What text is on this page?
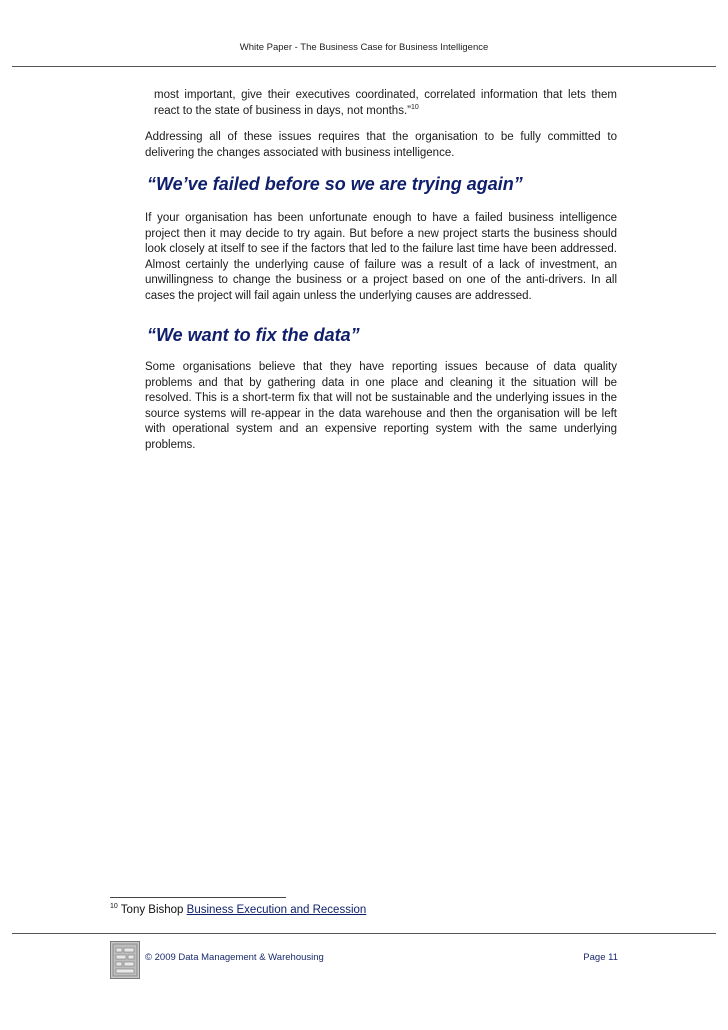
White Paper - The Business Case for Business Intelligence
most important, give their executives coordinated, correlated information that lets them react to the state of business in days, not months.”$^{10}$

Addressing all of these issues requires that the organisation to be fully committed to delivering the changes associated with business intelligence.

“We’ve failed before so we are trying again”

If your organisation has been unfortunate enough to have a failed business intelligence project then it may decide to try again. But before a new project starts the business should look closely at itself to see if the factors that led to the failure last time have been addressed. Almost certainly the underlying cause of failure was a result of a lack of investment, an unwillingness to change the business or a project based on one of the anti-drivers. In all cases the project will fail again unless the underlying causes are addressed.

“We want to fix the data”

Some organisations believe that they have reporting issues because of data quality problems and that by gathering data in one place and cleaning it the situation will be resolved. This is a short-term fix that will not be sustainable and the underlying issues in the source systems will re-appear in the data warehouse and then the organisation will be left with operational system and an expensive reporting system with the same underlying problems.

$^{10}$ Tony Bishop Business Execution and Recession
© 2009 Data Management & Warehousing	Page 11
